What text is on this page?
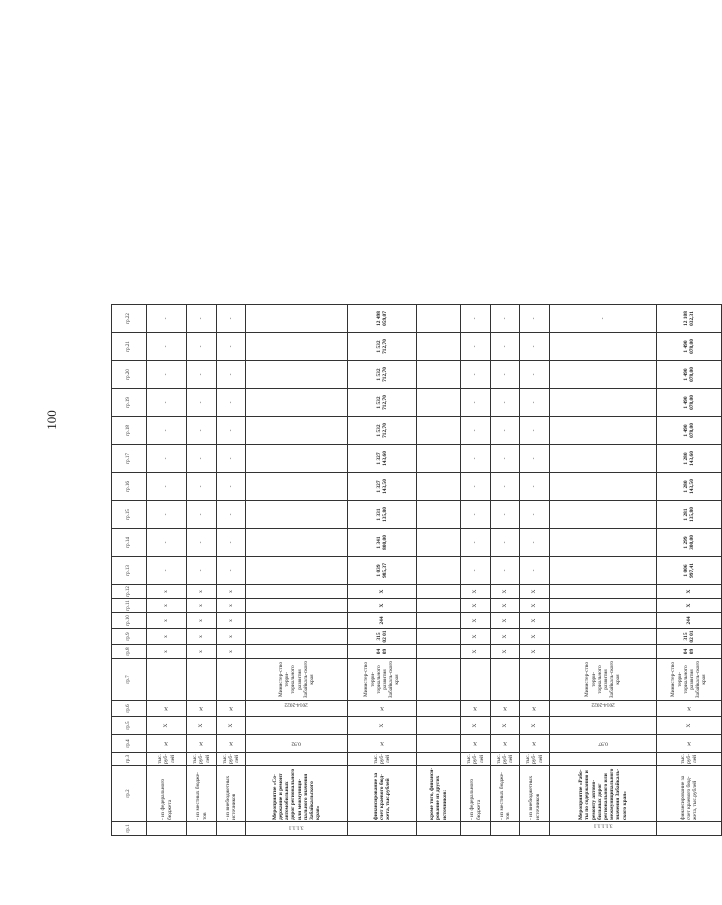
100
гр.1	гр.2	гр.3	гр.4	гр.5	гр.6	гр.7	гр.8	гр.9	гр.10	гр.11	гр.12	гр.13	гр.14	гр.15	гр.16	гр.17	гр.18	гр.19	гр.20	гр.21	гр.22
	- из федерального бюджета	тыс. руб-лей	X	X	X		x	x	x	x	x	-	-	-	-	-	-	-	-	-	-
	- из местных бюдже-тов	тыс. руб-лей	X	X	X		x	x	x	x	x	-	-	-	-	-	-	-	-	-	-
	- из внебюджетных источников	тыс. руб-лей	X	X	X		x	x	x	x	x	-	-	-	-	-	-	-	-	-	-
3.1.1.1	Мероприятие «Со-держание и ремонт автомобильных дорог регионального или межмуници-пального значения Забайкальского края»		0.92		2014-2022	Министер-ство терри-ториального развития Забайкаль-ского края															
	финансирование за счет краевого бюд-жета, тыс.рублей	тыс. руб-лей	X	X	X	Министер-ство терри-ториального развития Забайкаль-ского края	04 09	315 02 01	244	X	X	1 039 985,37	1 341 800,00	1 331 135,80	1 327 143,50	1 327 143,60	1 532 712,70	1 532 712,70	1 532 712,70	1 532 712,70	12 498 059,07
	кроме того, финанси-рование из других источников:																				
	- из федерального бюджета	тыс. руб-лей	X	X	X		X	X	X	X	X	-	-	-	-	-	-	-	-	-	-
	- из местных бюдже-тов	тыс. руб-лей	X	X	X		X	X	X	X	X	-	-	-	-	-	-	-	-	-	-
	- из внебюджетных источников	тыс. руб-лей	X	X	X		X	X	X	X	X	-	-	-	-	-	-	-	-	-	-
3.1.1.1.1	Мероприятие «Рабо-ты по содержанию и ремонту автомо-бильных дорог регионального или межмуниципального значения Забайкаль-ского края»		0.97		2014-2022	Министер-ство терри-ториального развития Забайкаль-ского края															-
	финансирование за счет краевого бюд-жета, тыс.рублей	тыс. руб-лей	X	X	X	Министер-ство терри-ториального развития Забайкаль-ского края	04 09	315 02 01	244	X	X	1 006 997,41	1 299 300,00	1 281 135,80	1 280 143,50	1 280 143,60	1 490 078,00	1 490 078,00	1 490 078,00	1 490 078,00	12 108 032,31
